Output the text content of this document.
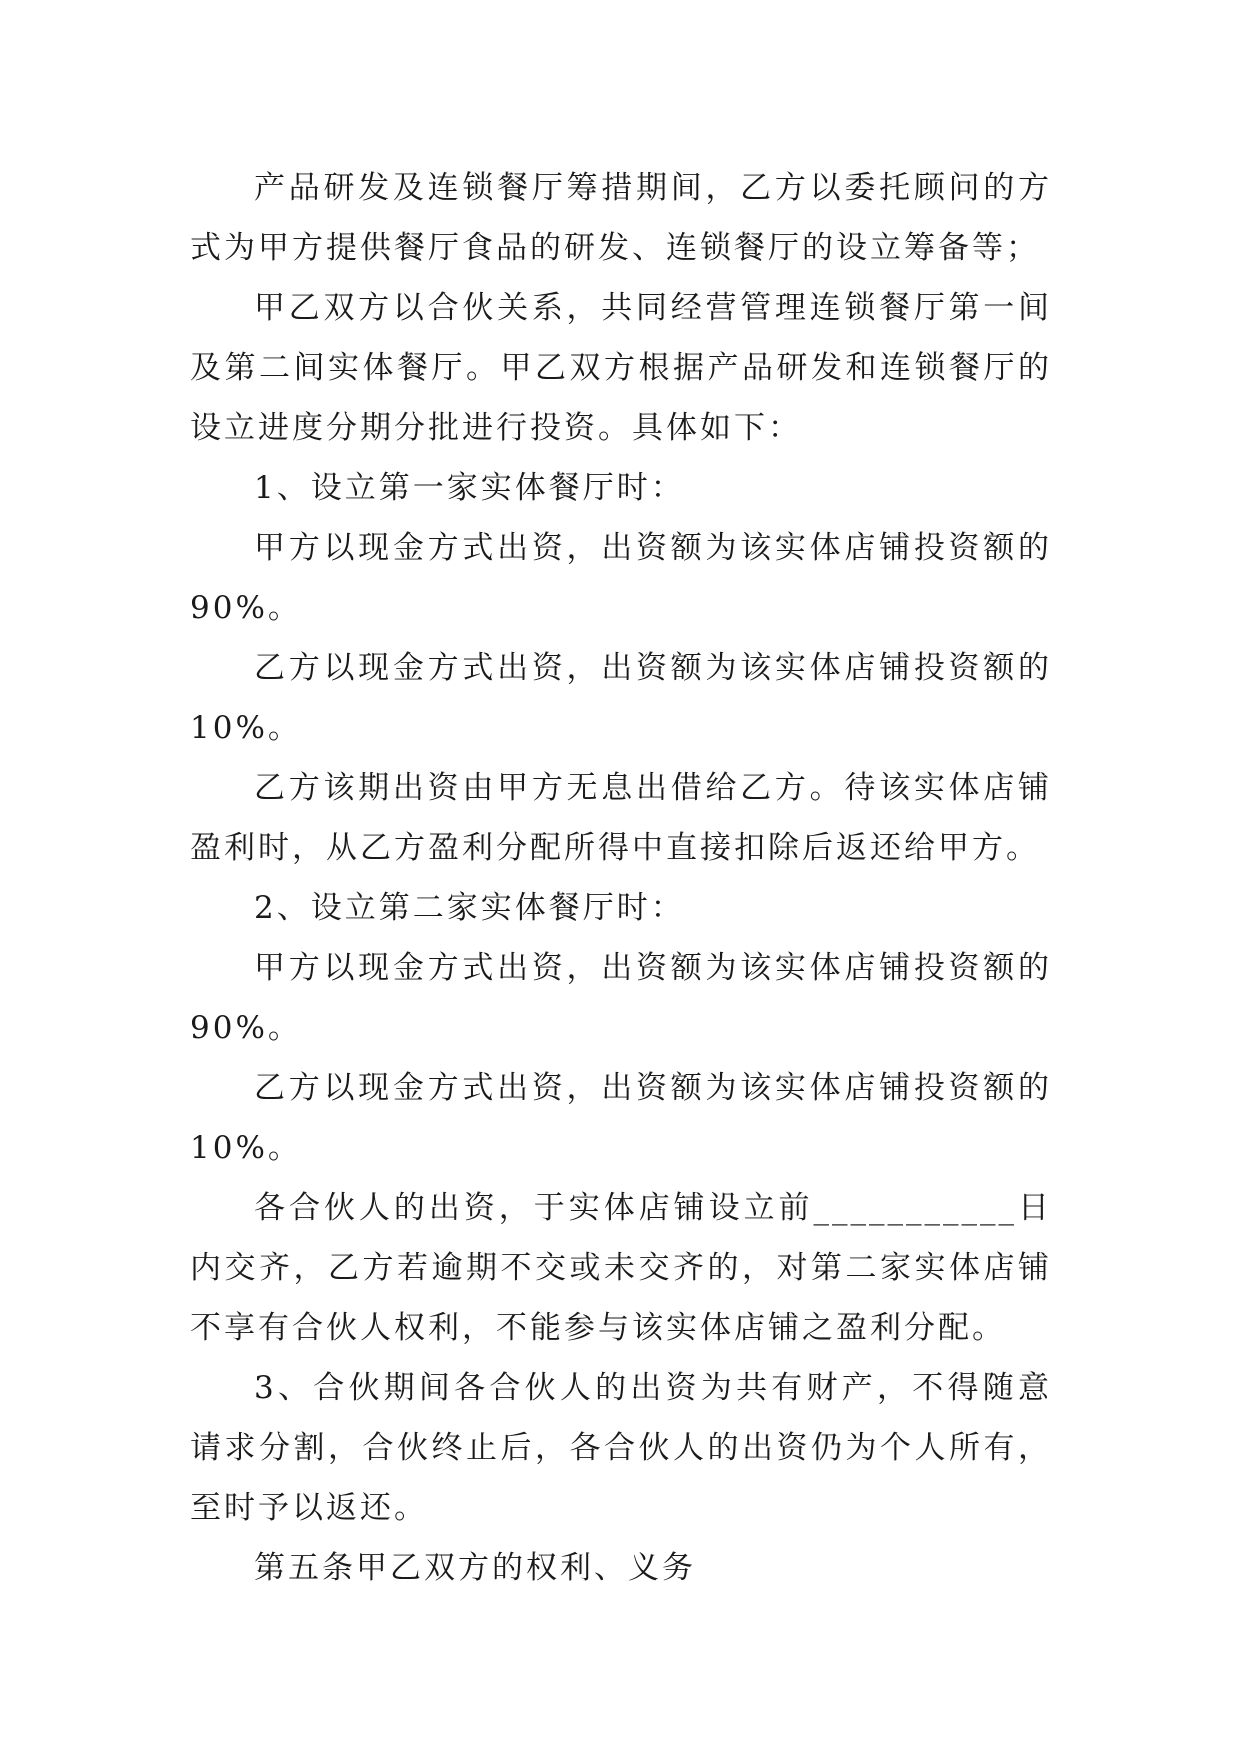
产品研发及连锁餐厅筹措期间，乙方以委托顾问的方式为甲方提供餐厅食品的研发、连锁餐厅的设立筹备等；

甲乙双方以合伙关系，共同经营管理连锁餐厅第一间及第二间实体餐厅。甲乙双方根据产品研发和连锁餐厅的设立进度分期分批进行投资。具体如下：

1、设立第一家实体餐厅时：

甲方以现金方式出资，出资额为该实体店铺投资额的90%。

乙方以现金方式出资，出资额为该实体店铺投资额的10%。

乙方该期出资由甲方无息出借给乙方。待该实体店铺盈利时，从乙方盈利分配所得中直接扣除后返还给甲方。

2、设立第二家实体餐厅时：

甲方以现金方式出资，出资额为该实体店铺投资额的90%。

乙方以现金方式出资，出资额为该实体店铺投资额的10%。

各合伙人的出资，于实体店铺设立前___________日内交齐，乙方若逾期不交或未交齐的，对第二家实体店铺不享有合伙人权利，不能参与该实体店铺之盈利分配。

3、合伙期间各合伙人的出资为共有财产，不得随意请求分割，合伙终止后，各合伙人的出资仍为个人所有，至时予以返还。

第五条甲乙双方的权利、义务
